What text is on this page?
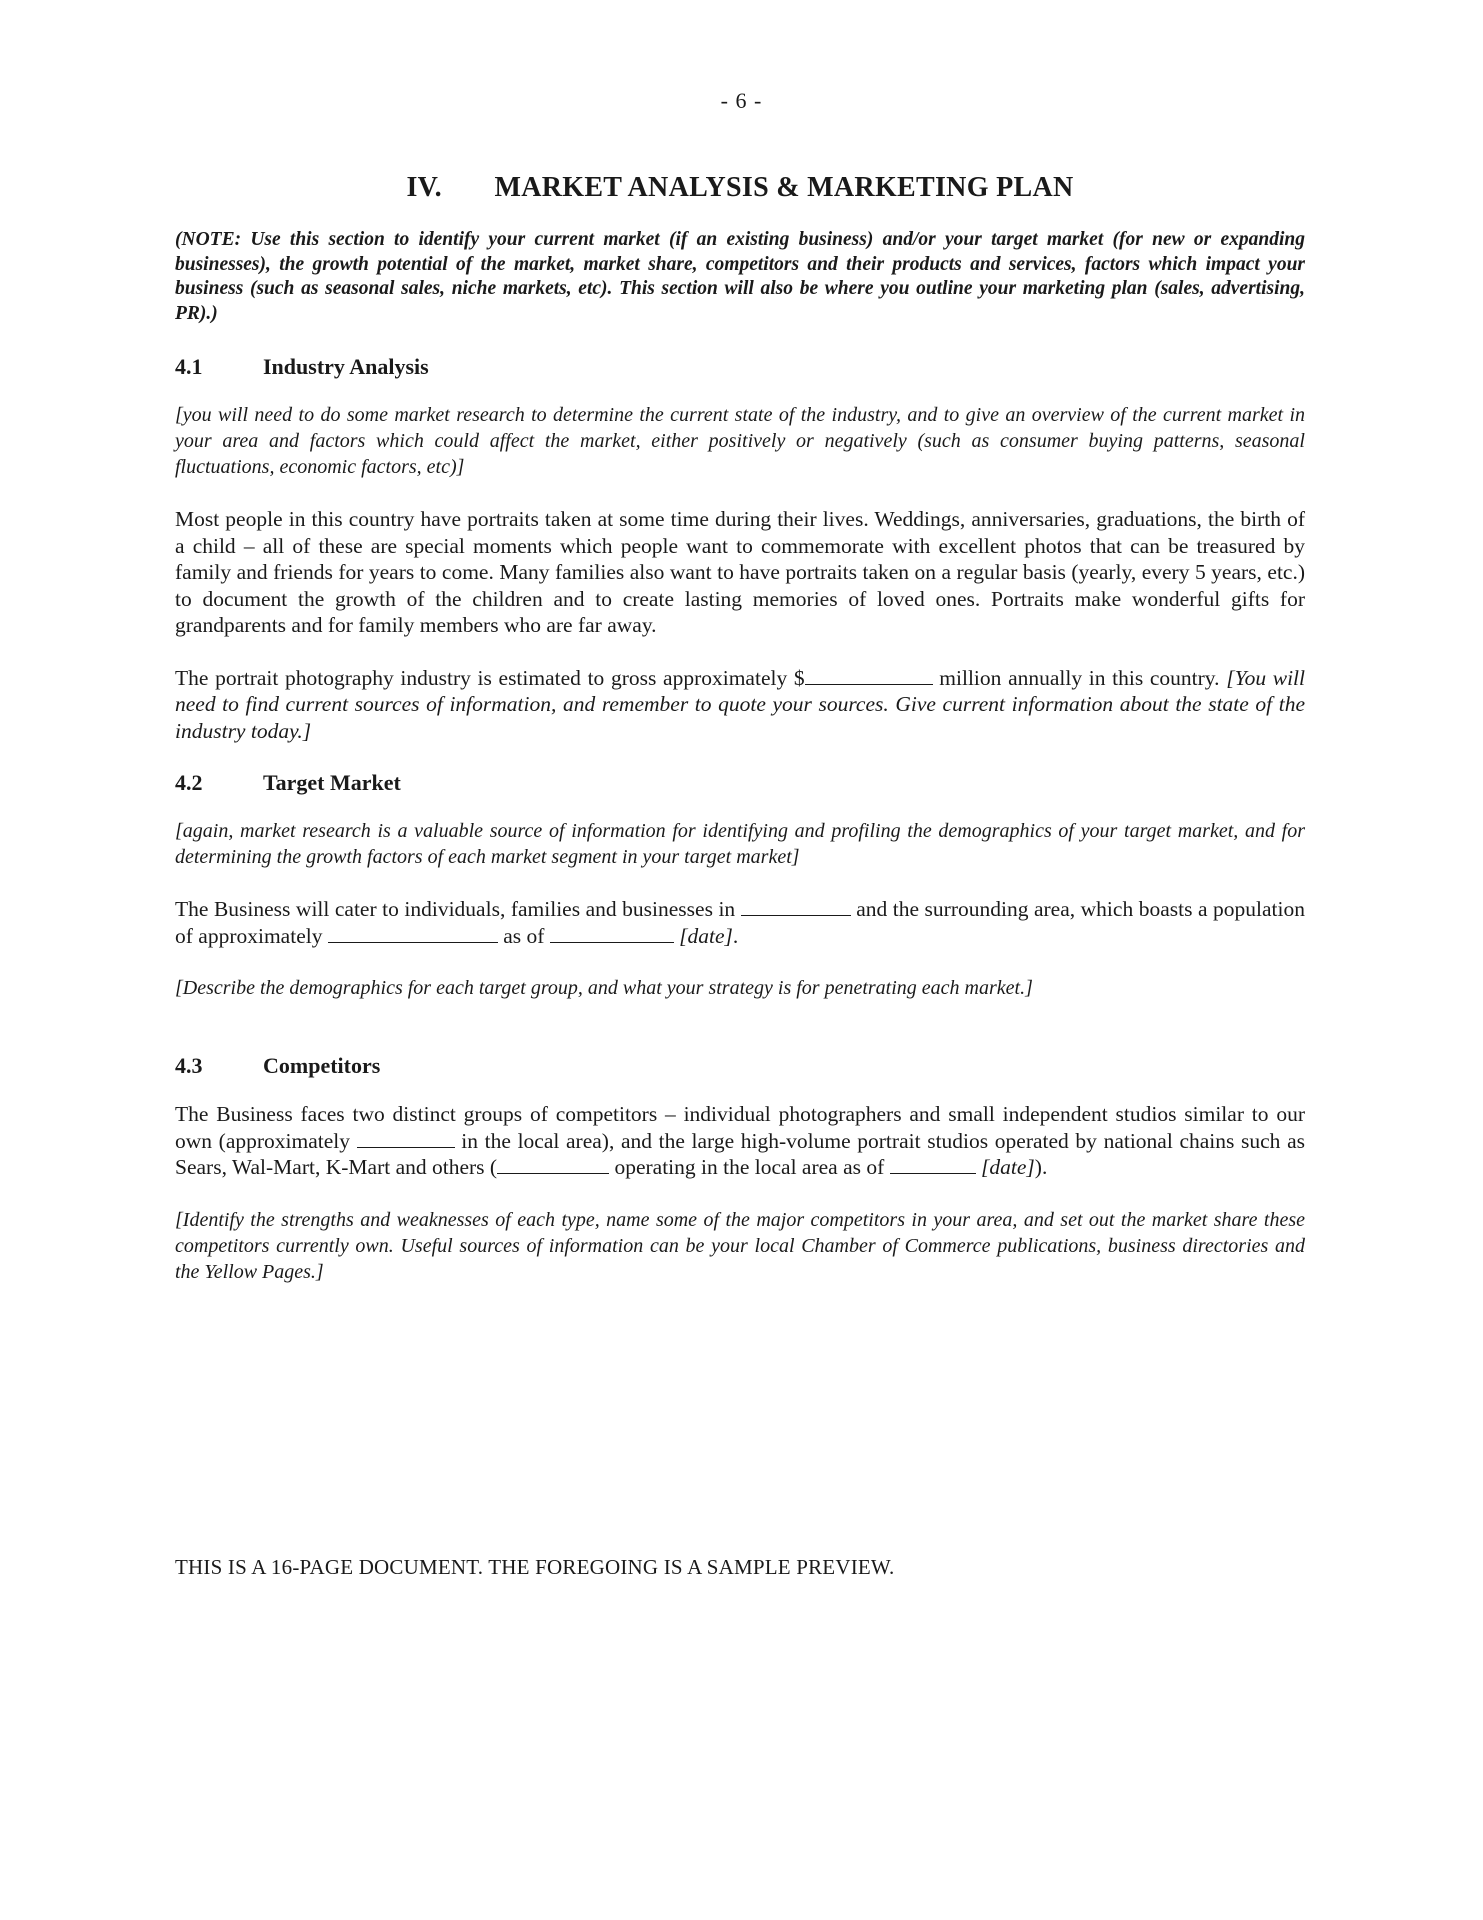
- 6 -
IV. MARKET ANALYSIS & MARKETING PLAN

(NOTE: Use this section to identify your current market (if an existing business) and/or your target market (for new or expanding businesses), the growth potential of the market, market share, competitors and their products and services, factors which impact your business (such as seasonal sales, niche markets, etc). This section will also be where you outline your marketing plan (sales, advertising, PR).)

4.1	Industry Analysis

[you will need to do some market research to determine the current state of the industry, and to give an overview of the current market in your area and factors which could affect the market, either positively or negatively (such as consumer buying patterns, seasonal fluctuations, economic factors, etc)]

Most people in this country have portraits taken at some time during their lives. Weddings, anniversaries, graduations, the birth of a child – all of these are special moments which people want to commemorate with excellent photos that can be treasured by family and friends for years to come. Many families also want to have portraits taken on a regular basis (yearly, every 5 years, etc.) to document the growth of the children and to create lasting memories of loved ones. Portraits make wonderful gifts for grandparents and for family members who are far away.

The portrait photography industry is estimated to gross approximately $	million annually in this country. [You will need to find current sources of information, and remember to quote your sources. Give current information about the state of the industry today.]

4.2	Target Market

[again, market research is a valuable source of information for identifying and profiling the demographics of your target market, and for determining the growth factors of each market segment in your target market]

The Business will cater to individuals, families and businesses in	and the surrounding area, which boasts a population of approximately	as of	[date].

[Describe the demographics for each target group, and what your strategy is for penetrating each market.]

4.3	Competitors

The Business faces two distinct groups of competitors – individual photographers and small independent studios similar to our own (approximately	in the local area), and the large high-volume portrait studios operated by national chains such as Sears, Wal-Mart, K-Mart and others (	operating in the local area as of	[date]).

[Identify the strengths and weaknesses of each type, name some of the major competitors in your area, and set out the market share these competitors currently own. Useful sources of information can be your local Chamber of Commerce publications, business directories and the Yellow Pages.]

THIS IS A 16-PAGE DOCUMENT. THE FOREGOING IS A SAMPLE PREVIEW.
